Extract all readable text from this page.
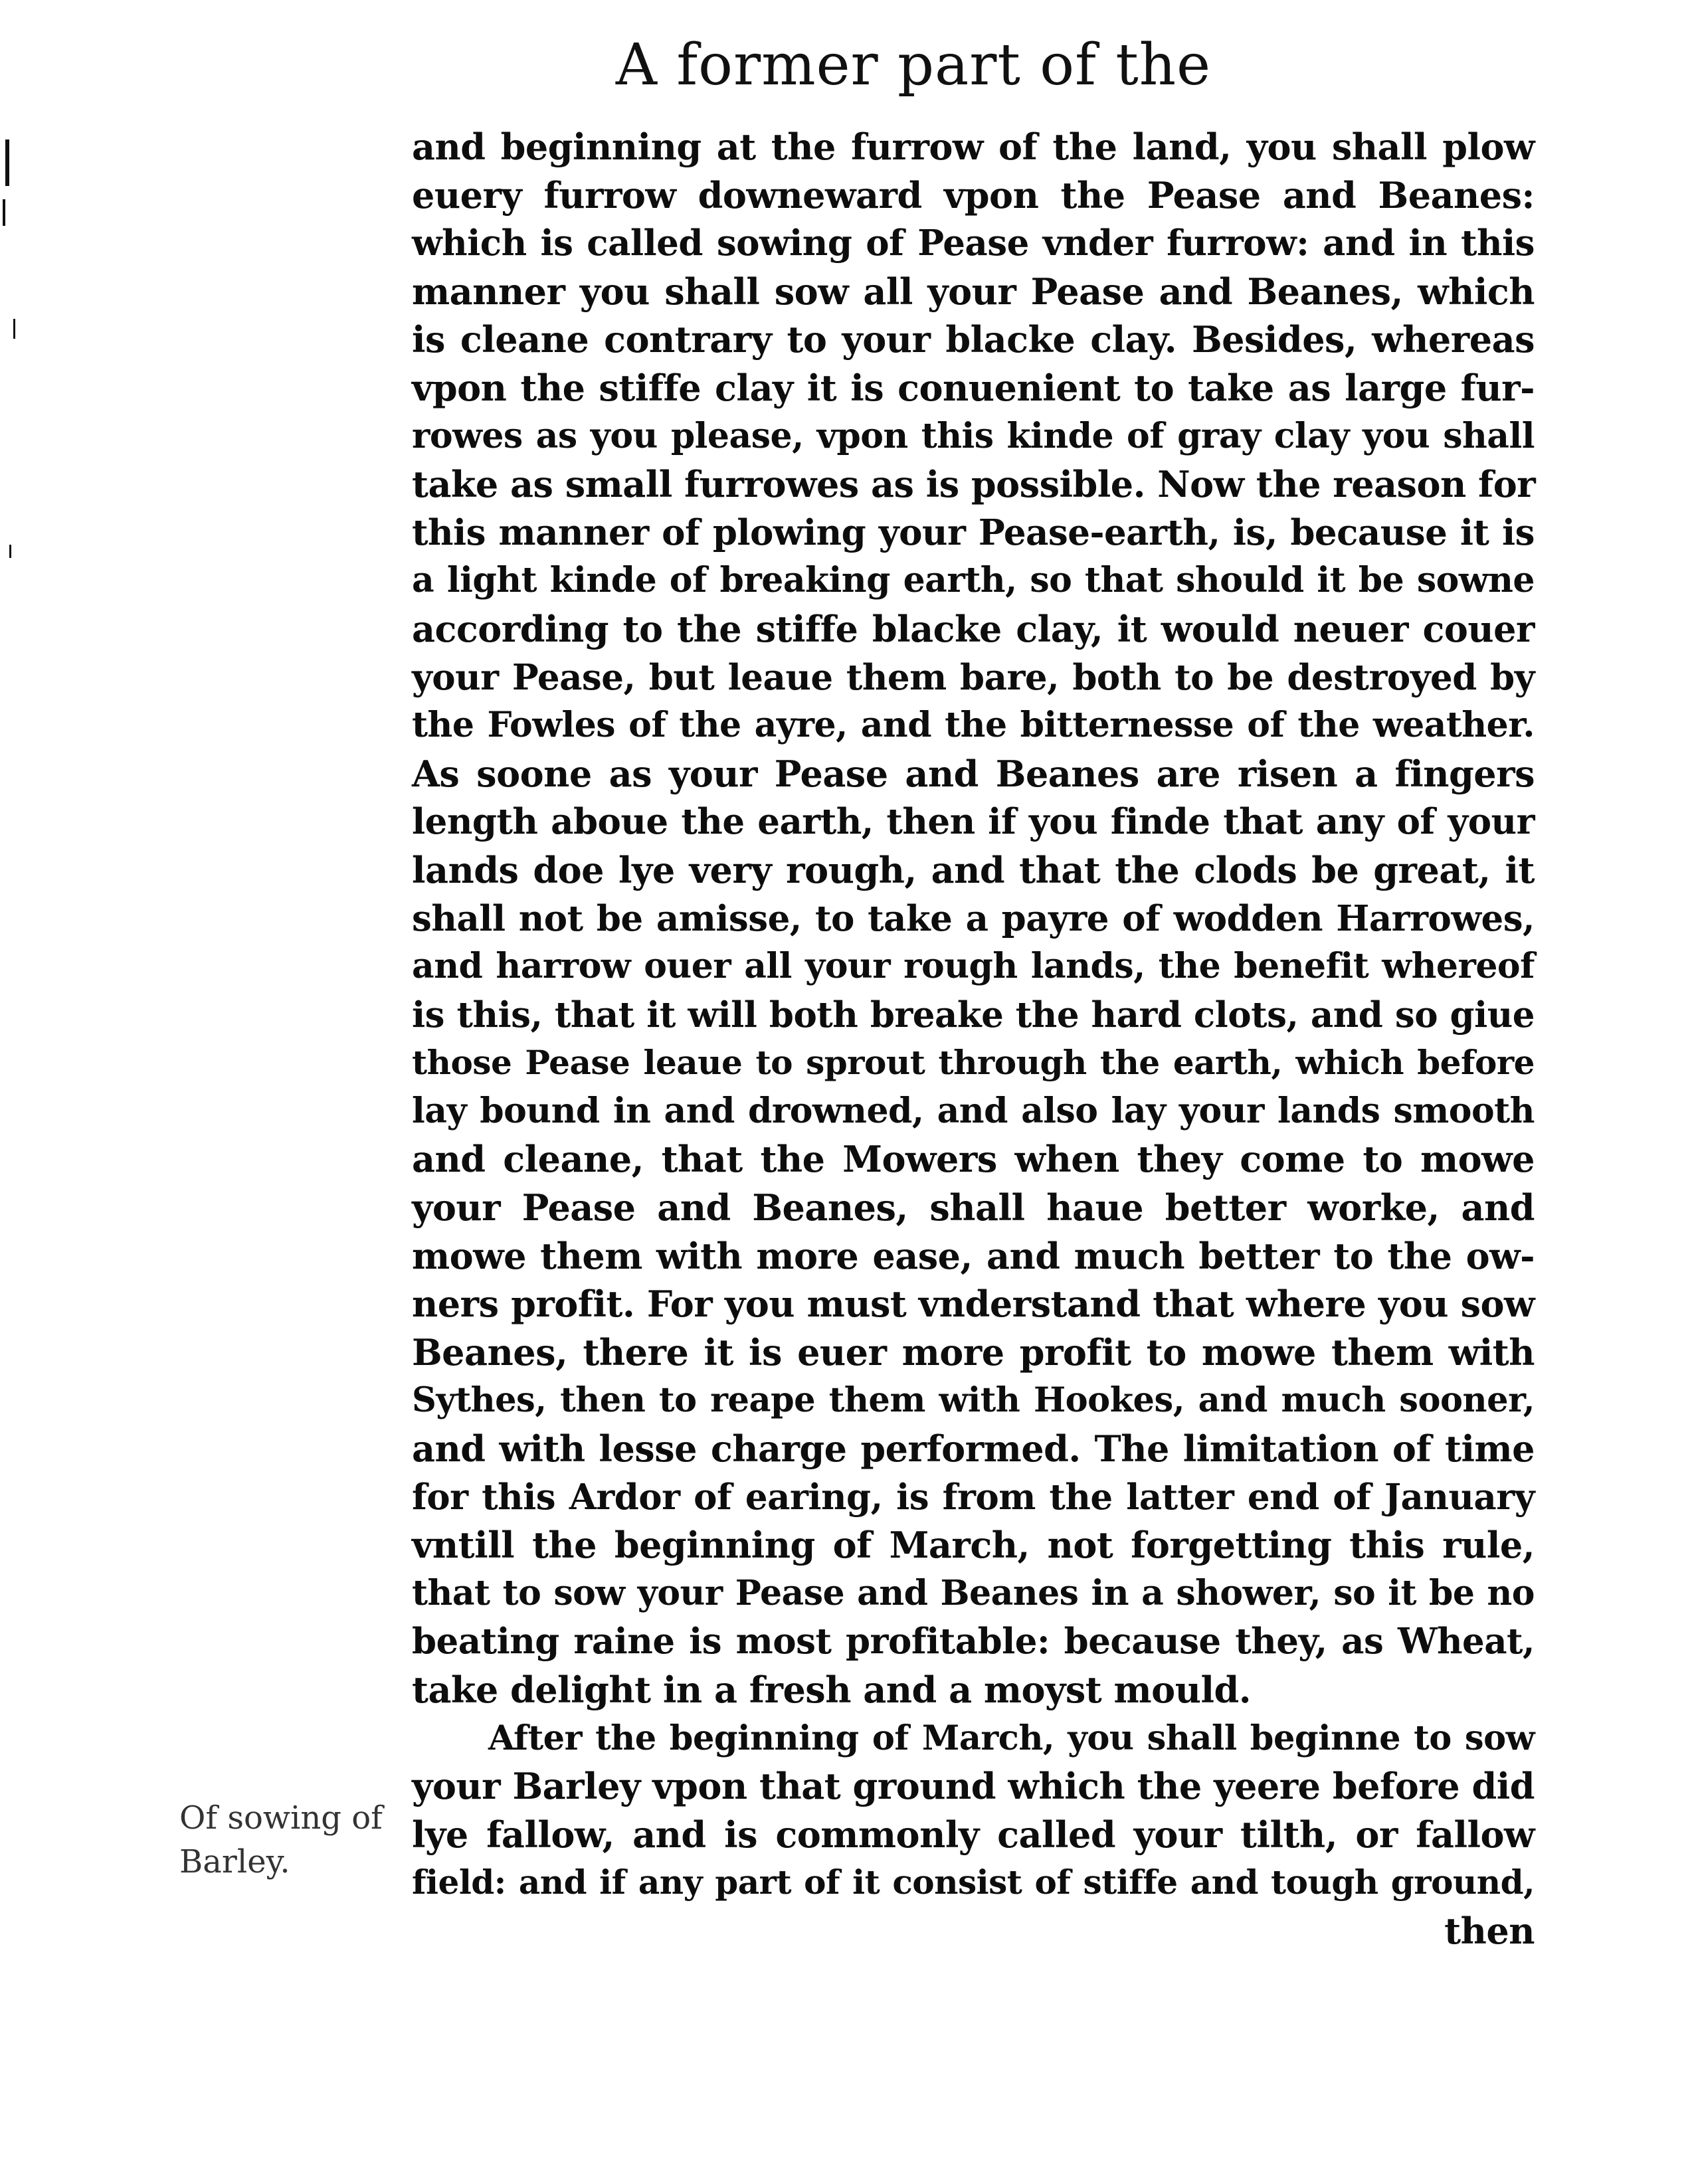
A former part of the
and beginning at the furrow of the land, you shall plow
euery furrow downeward vpon the Pease and Beanes:
which is called sowing of Pease vnder furrow: and in this
manner you shall sow all your Pease and Beanes, which
is cleane contrary to your blacke clay. Besides, whereas
vpon the stiffe clay it is conuenient to take as large fur-
rowes as you please, vpon this kinde of gray clay you shall
take as small furrowes as is possible. Now the reason for
this manner of plowing your Pease-earth, is, because it is
a light kinde of breaking earth, so that should it be sowne
according to the stiffe blacke clay, it would neuer couer
your Pease, but leaue them bare, both to be destroyed by
the Fowles of the ayre, and the bitternesse of the weather.
As soone as your Pease and Beanes are risen a fingers
length aboue the earth, then if you finde that any of your
lands doe lye very rough, and that the clods be great, it
shall not be amisse, to take a payre of wodden Harrowes,
and harrow ouer all your rough lands, the benefit whereof
is this, that it will both breake the hard clots, and so giue
those Pease leaue to sprout through the earth, which before
lay bound in and drowned, and also lay your lands smooth
and cleane, that the Mowers when they come to mowe
your Pease and Beanes, shall haue better worke, and
mowe them with more ease, and much better to the ow-
ners profit. For you must vnderstand that where you sow
Beanes, there it is euer more profit to mowe them with
Sythes, then to reape them with Hookes, and much sooner,
and with lesse charge performed. The limitation of time
for this Ardor of earing, is from the latter end of January
vntill the beginning of March, not forgetting this rule,
that to sow your Pease and Beanes in a shower, so it be no
beating raine is most profitable: because they, as Wheat,
take delight in a fresh and a moyst mould.
After the beginning of March, you shall beginne to sow
your Barley vpon that ground which the yeere before did
lye fallow, and is commonly called your tilth, or fallow
field: and if any part of it consist of stiffe and tough ground,
then
Of sowing of
Barley.
